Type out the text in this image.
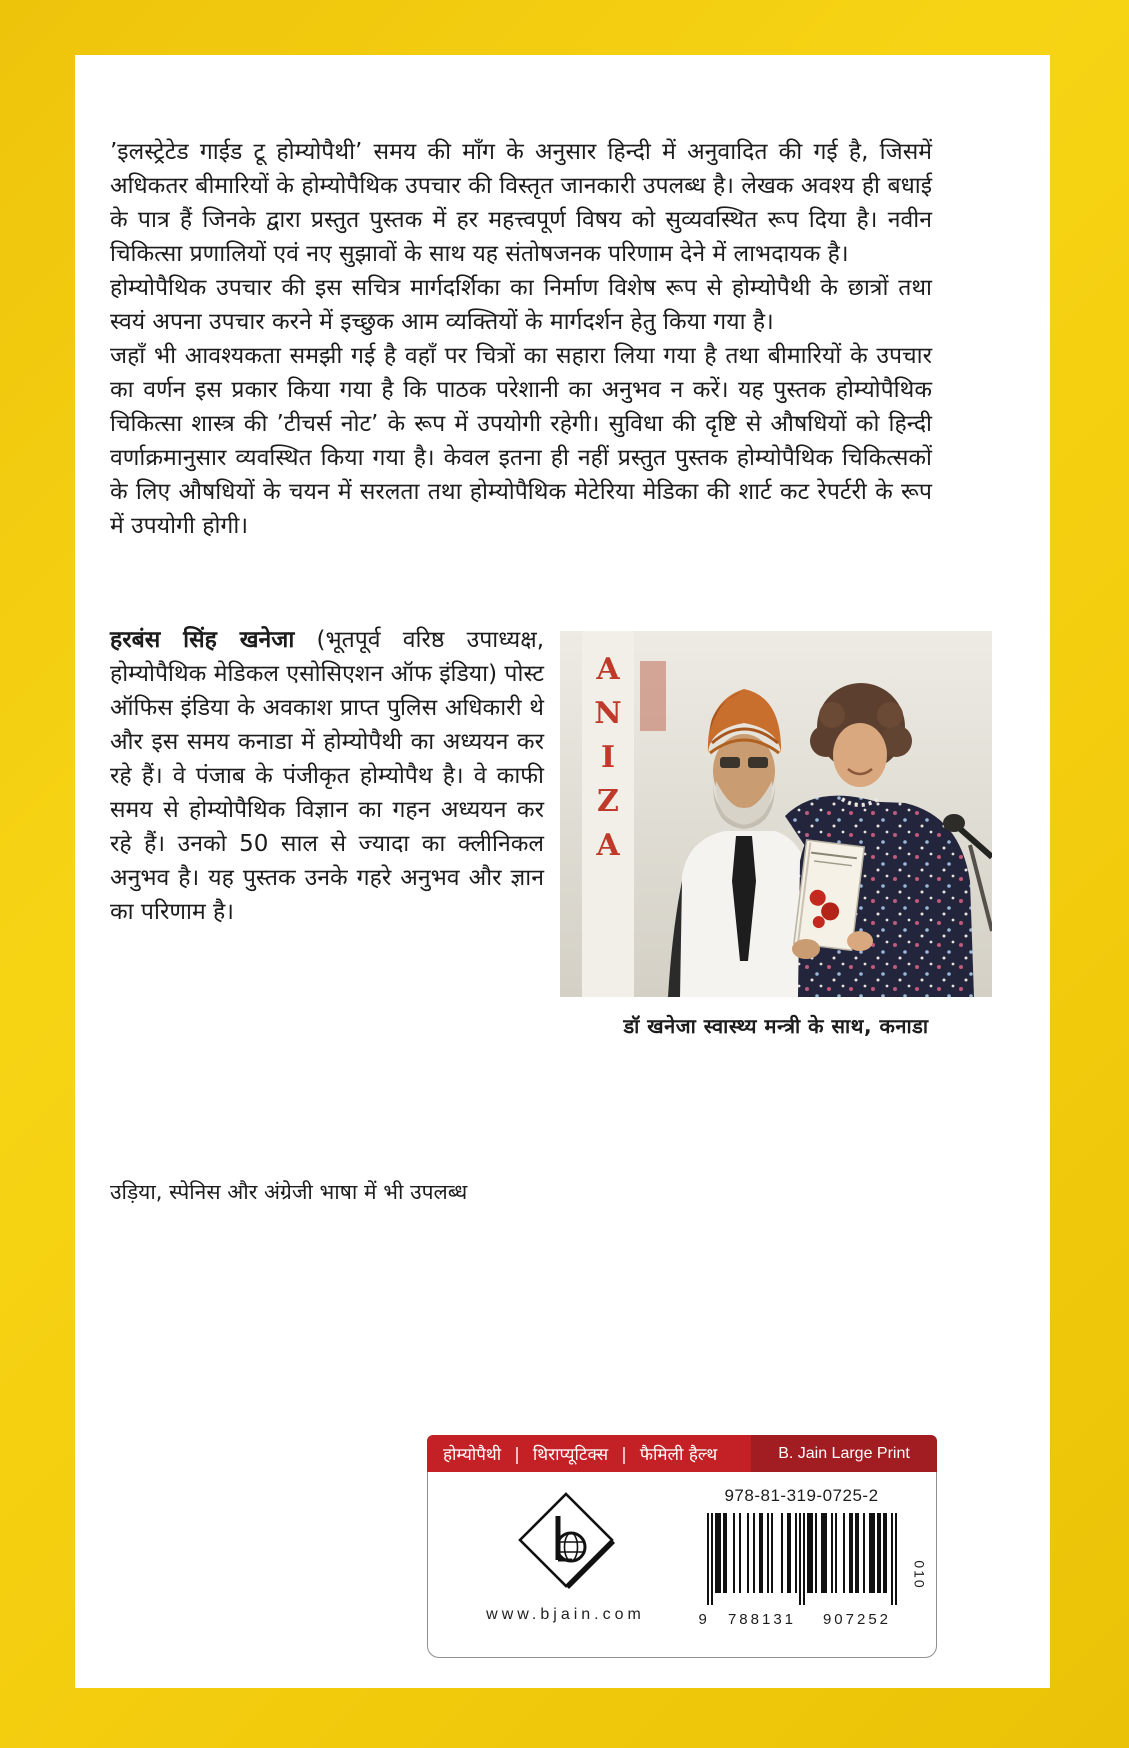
’इलस्ट्रेटेड गाईड टू होम्योपैथी’ समय की माँग के अनुसार हिन्दी में अनुवादित की गई है, जिसमें अधिकतर बीमारियों के होम्योपैथिक उपचार की विस्तृत जानकारी उपलब्ध है। लेखक अवश्य ही बधाई के पात्र हैं जिनके द्वारा प्रस्तुत पुस्तक में हर महत्त्वपूर्ण विषय को सुव्यवस्थित रूप दिया है। नवीन चिकित्सा प्रणालियों एवं नए सुझावों के साथ यह संतोषजनक परिणाम देने में लाभदायक है।

होम्योपैथिक उपचार की इस सचित्र मार्गदर्शिका का निर्माण विशेष रूप से होम्योपैथी के छात्रों तथा स्वयं अपना उपचार करने में इच्छुक आम व्यक्तियों के मार्गदर्शन हेतु किया गया है।

जहाँ भी आवश्यकता समझी गई है वहाँ पर चित्रों का सहारा लिया गया है तथा बीमारियों के उपचार का वर्णन इस प्रकार किया गया है कि पाठक परेशानी का अनुभव न करें। यह पुस्तक होम्योपैथिक चिकित्सा शास्त्र की ’टीचर्स नोट’ के रूप में उपयोगी रहेगी। सुविधा की दृष्टि से औषधियों को हिन्दी वर्णाक्रमानुसार व्यवस्थित किया गया है। केवल इतना ही नहीं प्रस्तुत पुस्तक होम्योपैथिक चिकित्सकों के लिए औषधियों के चयन में सरलता तथा होम्योपैथिक मेटेरिया मेडिका की शार्ट कट रेपर्टरी के रूप में उपयोगी होगी।

A
N
I
Z
A
डॉ खनेजा स्वास्थ्य मन्त्री के साथ, कनाडा

हरबंस सिंह खनेजा (भूतपूर्व वरिष्ठ उपाध्यक्ष, होम्योपैथिक मेडिकल एसोसिएशन ऑफ इंडिया) पोस्ट ऑफिस इंडिया के अवकाश प्राप्त पुलिस अधिकारी थे और इस समय कनाडा में होम्योपैथी का अध्ययन कर रहे हैं। वे पंजाब के पंजीकृत होम्योपैथ है। वे काफी समय से होम्योपैथिक विज्ञान का गहन अध्ययन कर रहे हैं। उनको 50 साल से ज्यादा का क्लीनिकल अनुभव है। यह पुस्तक उनके गहरे अनुभव और ज्ञान का परिणाम है।

उड़िया, स्पेनिस और अंग्रेजी भाषा में भी उपलब्ध
होम्योपैथी	| थिराप्यूटिक्स	| फैमिली हैल्थ	B. Jain Large Print
www.bjain.com
978-81-319-0725-2
9	788131	907252
010
